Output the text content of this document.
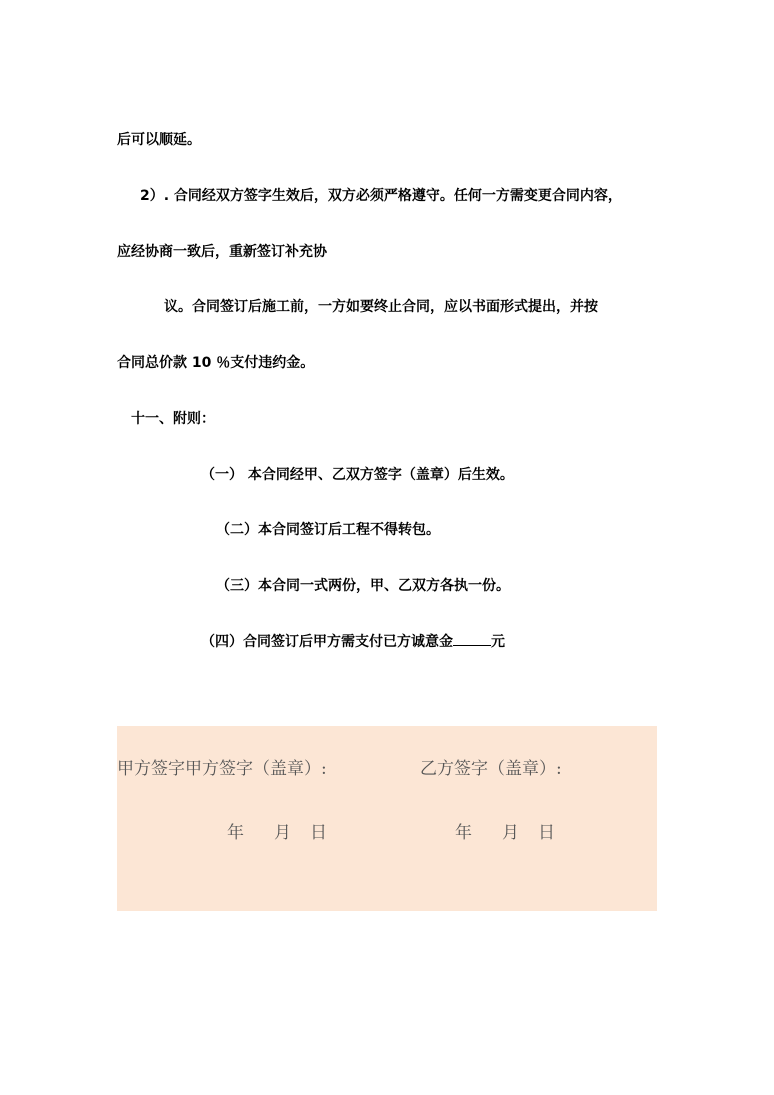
后可以顺延。
2）. 合同经双方签字生效后，双方必须严格遵守。任何一方需变更合同内容，
应经协商一致后，重新签订补充协
议。合同签订后施工前，一方如要终止合同，应以书面形式提出，并按
合同总价款 10 ％支付违约金。
十一、附则：
（一） 本合同经甲、乙双方签字（盖章）后生效。
（二）本合同签订后工程不得转包。
（三）本合同一式两份，甲、乙双方各执一份。
（四）合同签订后甲方需支付已方诚意金	元
甲方签字甲方签字（盖章）:	乙方签字（盖章）:
年 月 日	年 月 日
